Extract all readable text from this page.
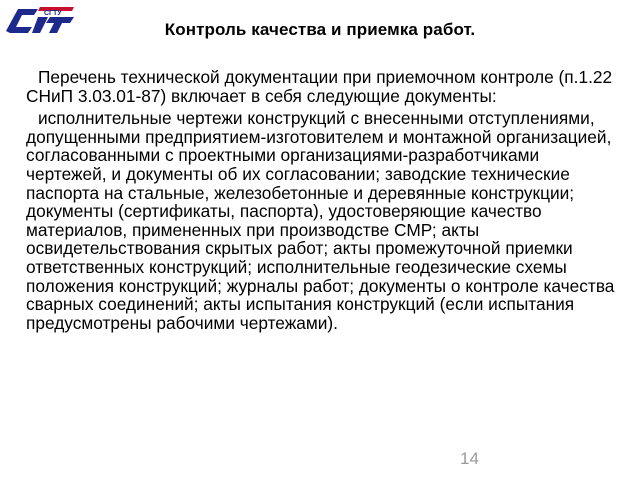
СГТУ
Контроль качества и приемка работ.

Перечень технической документации при приемочном контроле (п.1.22 СНиП 3.03.01-87) включает в себя следующие документы:

исполнительные чертежи конструкций с внесенными отступлениями, допущенными предприятием-изготовителем и монтажной организацией, согласованными с проектными организациями-разработчиками чертежей, и документы об их согласовании; заводские технические паспорта на стальные, железобетонные и деревянные конструкции; документы (сертификаты, паспорта), удостоверяющие качество материалов, примененных при производстве СМР; акты освидетельствования скрытых работ; акты промежуточной приемки ответственных конструкций; исполнительные геодезические схемы положения конструкций; журналы работ; документы о контроле качества сварных соединений; акты испытания конструкций (если испытания предусмотрены рабочими чертежами).

14
